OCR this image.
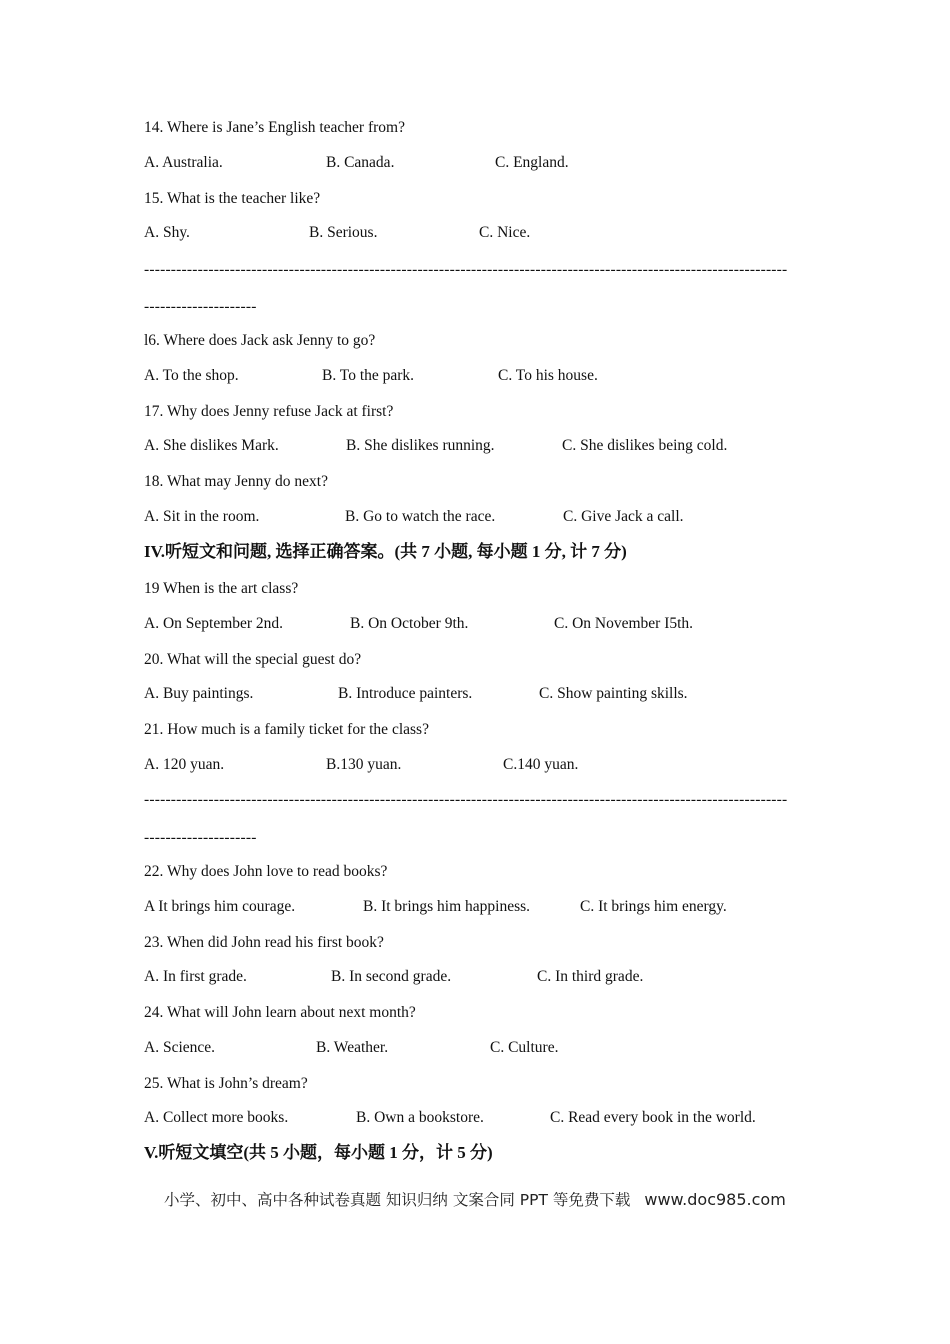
14. Where is Jane’s English teacher from?
A. Australia.	B. Canada.	C. England.
15. What is the teacher like?
A. Shy.	B. Serious.	C. Nice.
------------------------------------------------------------------------------------------------------------------------
---------------------
l6. Where does Jack ask Jenny to go?
A. To the shop.	B. To the park.	C. To his house.
17. Why does Jenny refuse Jack at first?
A. She dislikes Mark.	B. She dislikes running.	C. She dislikes being cold.
18. What may Jenny do next?
A. Sit in the room.	B. Go to watch the race.	C. Give Jack a call.
IV.听短文和问题, 选择正确答案。(共 7 小题, 每小题 1 分, 计 7 分)
19 When is the art class?
A. On September 2nd.	B. On October 9th.	C. On November I5th.
20. What will the special guest do?
A. Buy paintings.	B. Introduce painters.	C. Show painting skills.
21. How much is a family ticket for the class?
A. 120 yuan.	B.130 yuan.	C.140 yuan.
------------------------------------------------------------------------------------------------------------------------
---------------------
22. Why does John love to read books?
A It brings him courage.	B. It brings him happiness.	C. It brings him energy.
23. When did John read his first book?
A. In first grade.	B. In second grade.	C. In third grade.
24. What will John learn about next month?
A. Science.	B. Weather.	C. Culture.
25. What is John’s dream?
A. Collect more books.	B. Own a bookstore.	C. Read every book in the world.
V.听短文填空(共 5 小题，每小题 1 分，计 5 分)
小学、初中、高中各种试卷真题 知识归纳 文案合同 PPT 等免费下载 www.doc985.com
